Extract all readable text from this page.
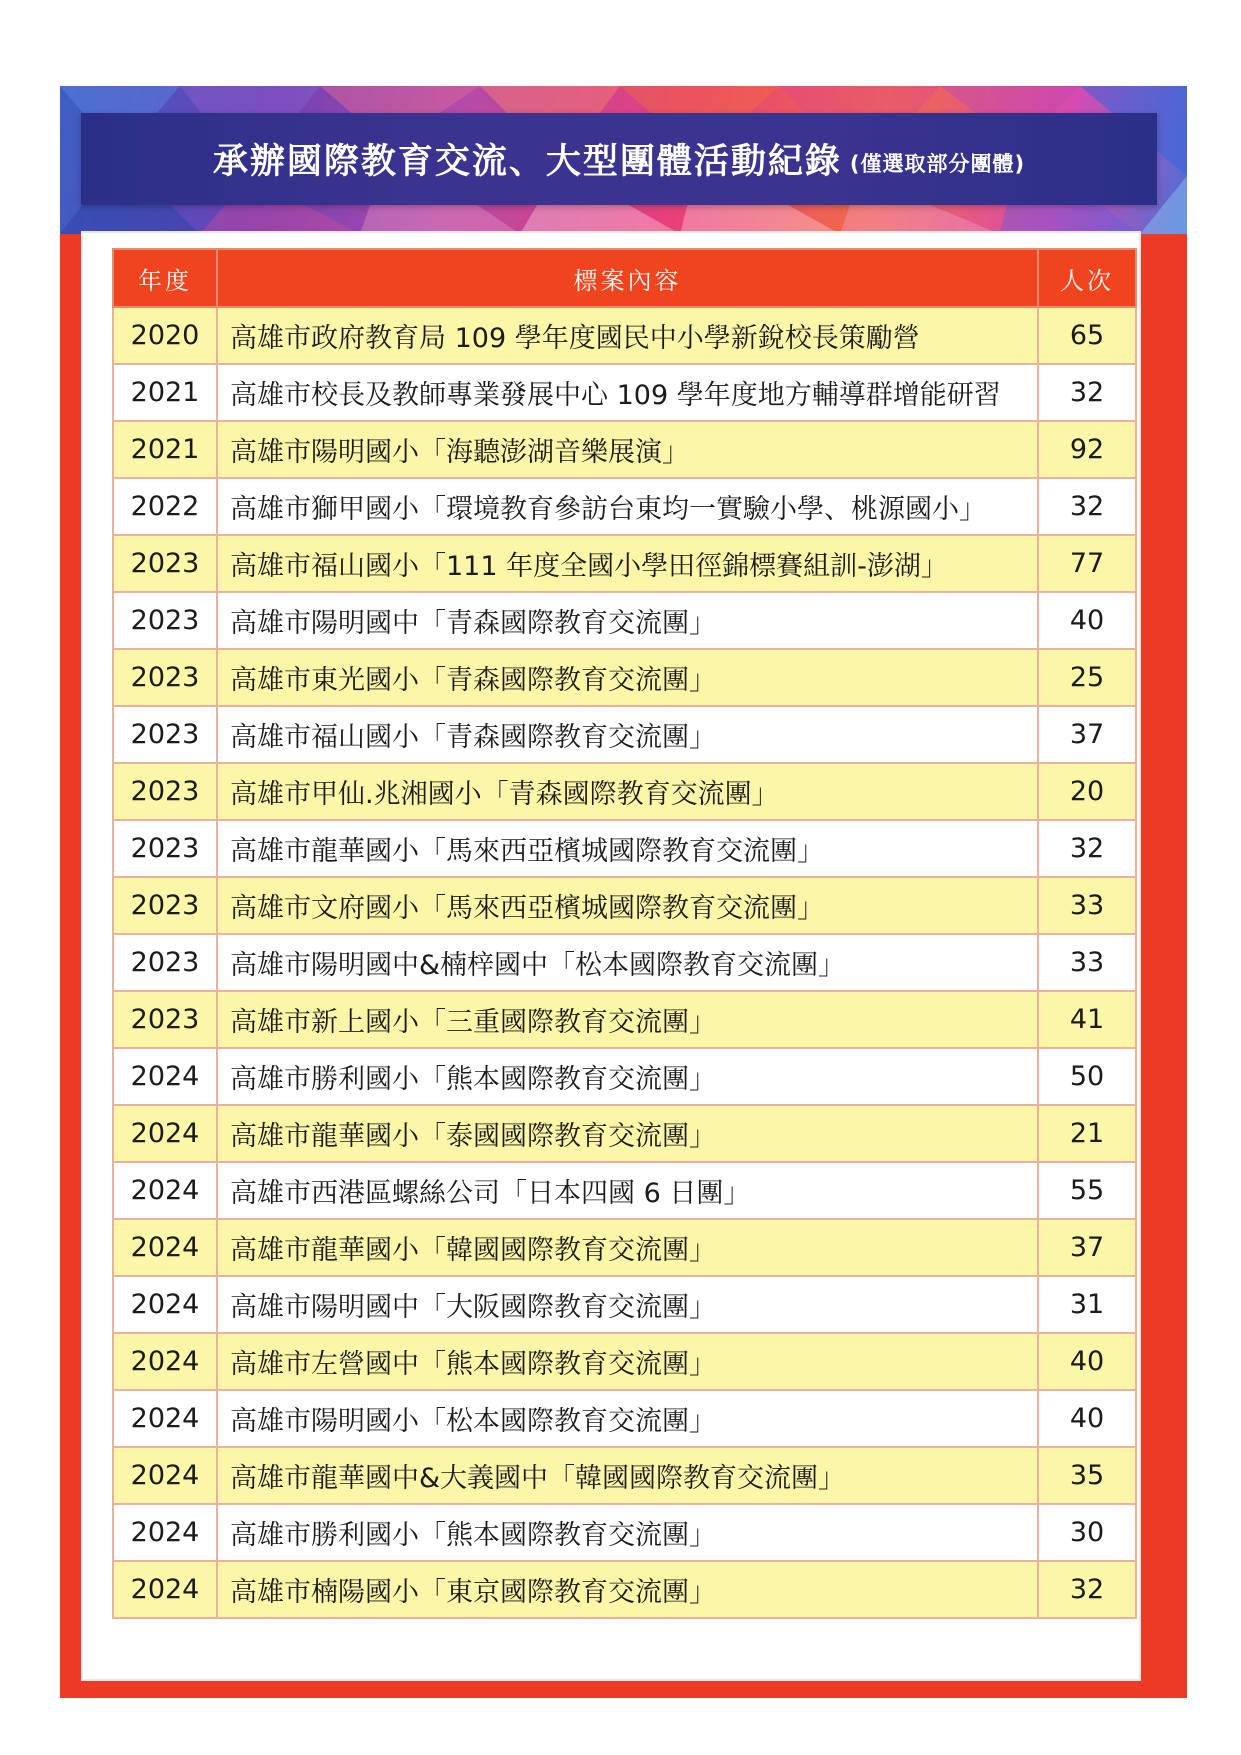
承辦國際教育交流、大型團體活動紀錄 (僅選取部分團體)
年度	標案內容	人次
2020	高雄市政府教育局 109 學年度國民中小學新銳校長策勵營	65
2021	高雄市校長及教師專業發展中心 109 學年度地方輔導群增能研習	32
2021	高雄市陽明國小「海聽澎湖音樂展演」	92
2022	高雄市獅甲國小「環境教育參訪台東均一實驗小學、桃源國小」	32
2023	高雄市福山國小「111 年度全國小學田徑錦標賽組訓-澎湖」	77
2023	高雄市陽明國中「青森國際教育交流團」	40
2023	高雄市東光國小「青森國際教育交流團」	25
2023	高雄市福山國小「青森國際教育交流團」	37
2023	高雄市甲仙.兆湘國小「青森國際教育交流團」	20
2023	高雄市龍華國小「馬來西亞檳城國際教育交流團」	32
2023	高雄市文府國小「馬來西亞檳城國際教育交流團」	33
2023	高雄市陽明國中&楠梓國中「松本國際教育交流團」	33
2023	高雄市新上國小「三重國際教育交流團」	41
2024	高雄市勝利國小「熊本國際教育交流團」	50
2024	高雄市龍華國小「泰國國際教育交流團」	21
2024	高雄市西港區螺絲公司「日本四國 6 日團」	55
2024	高雄市龍華國小「韓國國際教育交流團」	37
2024	高雄市陽明國中「大阪國際教育交流團」	31
2024	高雄市左營國中「熊本國際教育交流團」	40
2024	高雄市陽明國小「松本國際教育交流團」	40
2024	高雄市龍華國中&大義國中「韓國國際教育交流團」	35
2024	高雄市勝利國小「熊本國際教育交流團」	30
2024	高雄市楠陽國小「東京國際教育交流團」	32
